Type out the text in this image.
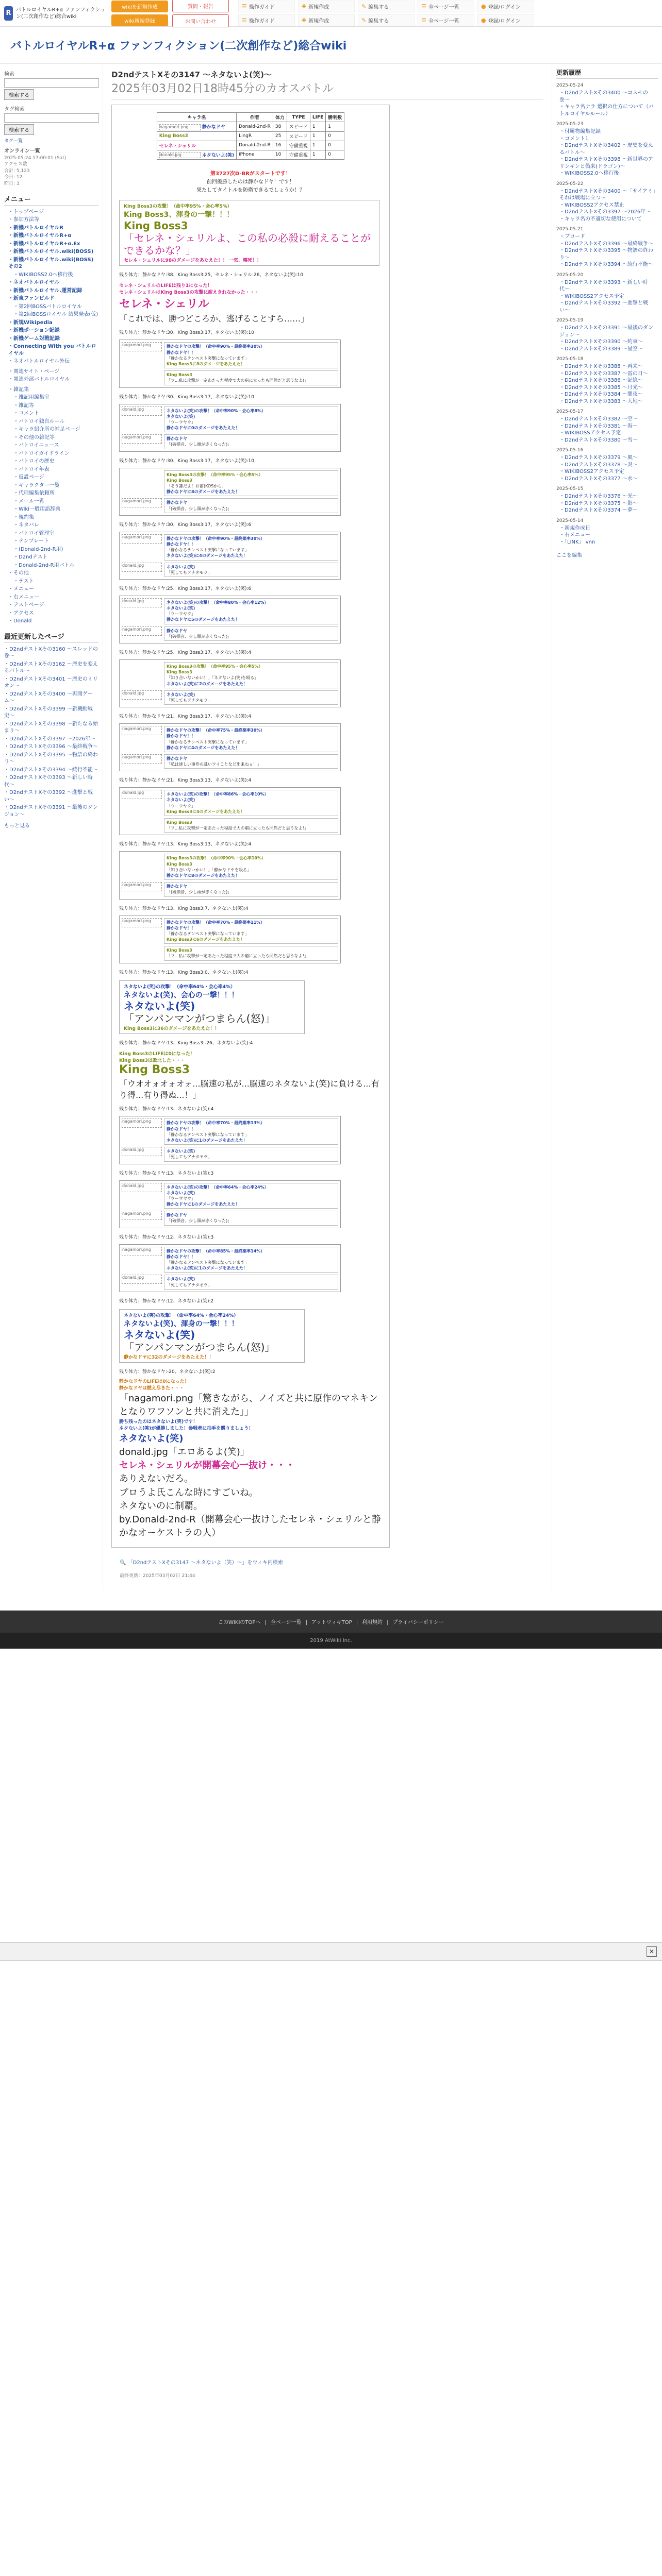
R バトルロイヤルR+α ファンフィクション(二次創作など)総合wiki
wikiを新規作成
wiki新規登録
質問・報告
お問い合わせ
☰ 操作ガイド	✚ 新規作成	✎ 編集する	☰ 全ページ一覧	● 登録/ログイン
☰ 操作ガイド	✚ 新規作成	✎ 編集する	☰ 全ページ一覧	● 登録/ログイン
バトルロイヤルR+α ファンフィクション(二次創作など)総合wiki
検索
検索する
タグ検索
検索する
タグ一覧
オンライン一覧
2025-05-24 17:00:01 (Sat)
アクセス数
合計: 5,123
今日: 12
昨日: 3
メニュー
・トップページ
・参加方法等
・新機バトルロイヤルR
・新機バトルロイヤルR+α
・新機バトルロイヤルR+α.Ex
・新機バトルロイヤル.wiki(BOSS)
・新機バトルロイヤル.wiki(BOSS)その2
・WIKIBOSS2.0へ移行後
・ネオバトルロイヤル
・新機バトルロイヤル.運営記録
・新東ファンビルド
・第2回BOSSバトルロイヤル
・第2回BOSSロイヤル 結果発表(仮)
・新規Wikipedia
・新機ポーション記録
・新機ゲーム対戦記録
・Connecting With you バトルロイヤル
・ネオバトルロイヤル外伝
・関連サイト・ページ
・関連外部バトルロイヤル
・雑記集
・雑記用編集室
・雑記等
・コメント
・バトロイ独自ルール
・キャラ紹介所の補足ページ
・その他の雑記等
・バトロイニュース
・バトロイガイドライン
・バトロイの歴史
・バトロイ年表
・仮設ページ
・キャラクター一覧
・代理編集依頼所
・メール一覧
・Wiki一般用語辞典
・規約集
・ネタバレ
・バトロイ管理室
・テンプレート
・(Donald-2nd-R用)
・D2ndテスト
・Donald-2nd-R用バトル
・その他
・テスト
・メニュー
・右メニュー
・テストページ
・アクセス
・Donald
最近更新したページ
・D2ndテストXその3160 〜スレッドの巻〜
・D2ndテストXその3162 〜歴史を変えるバトル〜
・D2ndテストXその3401 〜歴史のミリオン〜
・D2ndテストXその3400 〜再開ゲーム〜
・D2ndテストXその3399 〜新機動戦史〜
・D2ndテストXその3398 〜新たなる始まり〜
・D2ndテストXその3397 〜2026年〜
・D2ndテストXその3396 〜最終戦争〜
・D2ndテストXその3395 〜物語の終わり〜
・D2ndテストXその3394 〜続行不能〜
・D2ndテストXその3393 〜新しい時代〜
・D2ndテストXその3392 〜進撃と戦い〜
・D2ndテストXその3391 〜最後のダンジョン〜
もっと見る
D2ndテストXその3147 〜ネタないよ(笑)〜
2025年03月02日18時45分のカオスバトル
キャラ名	作者	体力	TYPE	LIFE	勝利数
nagamori.png 静かなドヤ	Donald-2nd-R	38	スピード	1	1
King Boss3	LingR	25	スピード	1	0
セレネ・シェリル	Donald-2nd-R	16	守備重視	1	0
donald.jpg ネタないよ(笑)	iPhone	10	守備重視	1	0
第3727次D-BRがスタートです！
前回優勝したのは静かなドヤ！です！
果たしてタイトルを防衛できるでしょうか！？
King Boss3の攻撃！（命中率95%・会心率5%）
King Boss3、渾身の一撃！！！
King Boss3
「セレネ・シェリルよ、この私の必殺に耐えることができるかな？」
セレネ・シェリルに98のダメージをあたえた！！ 一気、壊死！！
残り体力：静かなドヤ:38、King Boss3:25、セレネ・シェリル:26、ネタないよ(笑):10
セレネ・シェリルのLIFEは残り1になった！
セレネ・シェリルはKing Boss3の攻撃に耐えきれなかった・・・
セレネ・シェリル
「これでは、勝つどころか、逃げることすら……」
残り体力：静かなドヤ:30、King Boss3:17、ネタないよ(笑):10
nagamori.png	静かなドヤの攻撃！（命中率90%・最終薬率30%）
静かなドヤ！！
「静かなるテンペスト突撃になっています」
King Boss3に8のダメージをあたえた！
King Boss3
「フ...私に攻撃が一定あたった程度で大の窮に立ったも同然だと思うなよ!」
残り体力：静かなドヤ:30、King Boss3:17、ネタないよ(笑):10
donald.jpg	ネタないよ(笑)の攻撃！（命中率90%・会心率8%）
ネタないよ(笑)
「ウーウヤウ」
静かなドヤに0のダメージをあたえた！
nagamori.png	静かなドヤ
「(破損音、少し頭が赤くなった)」
残り体力：静かなドヤ:30、King Boss3:17、ネタないよ(笑):10
King Boss3の攻撃！（命中率95%・会心率5%）
King Boss3
「そう誰だよ！お前(KOSから」
静かなドヤに8のダメージをあたえた！
nagamori.png	静かなドヤ
「(破損音、少し頭が赤くなった)」
残り体力：静かなドヤ:30、King Boss3:17、ネタないよ(笑):6
nagamori.png	静かなドヤの攻撃！（命中率90%・最終薬率30%）
静かなドヤ！！
「静かなるテンペスト突撃になっています」
ネタないよ(笑)に4のダメージをあたえた！
donald.jpg	ネタないよ(笑)
「死してもアナタモラ」
残り体力：静かなドヤ:25、King Boss3:17、ネタないよ(笑):6
donald.jpg	ネタないよ(笑)の攻撃！（命中率80%・会心率12%）
ネタないよ(笑)
「ウーウヤウ」
静かなドヤに5のダメージをあたえた！
nagamori.png	静かなドヤ
「(破損音、少し頭が赤くなった)」
残り体力：静かなドヤ:25、King Boss3:17、ネタないよ(笑):4
King Boss3の攻撃！（命中率95%・会心率5%）
King Boss3
「知り合いないかい！」「ネタないよ(笑)を殴る」
ネタないよ(笑)に2のダメージをあたえた！
donald.jpg	ネタないよ(笑)
「死してもアナタモラ」
残り体力：静かなドヤ:21、King Boss3:17、ネタないよ(笑):4
nagamori.png	静かなドヤの攻撃！（命中率75%・最終薬率30%）
静かなドヤ！！
「静かなるテンペスト突撃になっています」
静かなドヤに4のダメージをあたえた！
nagamori.png	静かなドヤ
「私は達しい事件の乱いワイことなど出来ねぇ！」
残り体力：静かなドヤ:21、King Boss3:13、ネタないよ(笑):4
donald.jpg	ネタないよ(笑)の攻撃！（命中率86%・会心率10%）
ネタないよ(笑)
「ウーウヤウ」
King Boss3に4のダメージをあたえた！
King Boss3
「フ...私に攻撃が一定あたった程度で大の窮に立ったも同然だと思うなよ!」
残り体力：静かなドヤ:13、King Boss3:13、ネタないよ(笑):4
King Boss3の攻撃！（命中率90%・会心率10%）
King Boss3
「知り合いないかい！」「静かなドヤを殴る」
静かなドヤに8のダメージをあたえた！
nagamori.png	静かなドヤ
「(破損音、少し頭が赤くなった)」
残り体力：静かなドヤ:13、King Boss3:7、ネタないよ(笑):4
nagamori.png	静かなドヤの攻撃！（命中率70%・最終薬率11%）
静かなドヤ！！
「静かなるテンペスト突撃になっています」
King Boss3に6のダメージをあたえた！
King Boss3
「フ...私に攻撃が一定あたった程度で大の窮に立ったも同然だと思うなよ!」
残り体力：静かなドヤ:13、King Boss3:0、ネタないよ(笑):4
ネタないよ(笑)の攻撃！（命中率64%・会心率4%）
ネタないよ(笑)、会心の一撃！！！
ネタないよ(笑)
「アンパンマンがつまらん(怒)」
King Boss3に36のダメージをあたえた！！
残り体力：静かなドヤ:13、King Boss3:-26、ネタないよ(笑):4
King Boss3のLIFEは0になった！
King Boss3は敗北した・・・
King Boss3
「ウオオォオォオォ...脳速の私が...脳速のネタないよ(笑)に負ける...有り得...有り得ぬ...！」
残り体力：静かなドヤ:13、ネタないよ(笑):4
nagamori.png	静かなドヤの攻撃！（命中率70%・最終薬率13%）
静かなドヤ！！
「静かなるテンペスト突撃になっています」
ネタないよ(笑)に1のダメージをあたえた！
donald.jpg	ネタないよ(笑)
「死してもアナタモラ」
残り体力：静かなドヤ:13、ネタないよ(笑):3
donald.jpg	ネタないよ(笑)の攻撃！（命中率64%・会心率24%）
ネタないよ(笑)
「ウーウヤウ」
静かなドヤに1のダメージをあたえた！
nagamori.png	静かなドヤ
「(破損音、少し頭が赤くなった)」
残り体力：静かなドヤ:12、ネタないよ(笑):3
nagamori.png	静かなドヤの攻撃！（命中率85%・最終薬率14%）
静かなドヤ！！
「静かなるテンペスト突撃になっています」
ネタないよ(笑)に1のダメージをあたえた！
donald.jpg	ネタないよ(笑)
「死してもアナタモラ」
残り体力：静かなドヤ:12、ネタないよ(笑):2
ネタないよ(笑)の攻撃！（命中率64%・会心率24%）
ネタないよ(笑)、渾身の一撃！！！
ネタないよ(笑)
「アンパンマンがつまらん(怒)」
静かなドヤに32のダメージをあたえた！！
残り体力：静かなドヤ:-20、ネタないよ(笑):2
静かなドヤのLIFEは0になった！
静かなドヤは燃え尽きた・・・
「nagamori.png「驚きながら、ノイズと共に原作のマネキンとなりワフソンと共に消えた」」
勝ち残ったのはネタないよ(笑)です！
ネタないよ(笑)が優勝しました！参戦者に拍手を贈りましょう！
ネタないよ(笑)
donald.jpg「エロあるよ(笑)」
セレネ・シェリルが開幕会心一抜け・・・
ありえないだろ。
プロうよ氏こんな時にすごいね。
ネタないのに制覇。
by.Donald-2nd-R（開幕会心一抜けしたセレネ・シェリルと静かなオーケストラの人）
🔍 「D2ndテストXその3147 〜ネタないよ（笑）〜」をウィキ内検索
最終更新：2025年03月02日 21:44
更新履歴
2025-05-24
・D2ndテストXその3400 〜コスモの巻〜
・キャラ名ナラ 選択の仕方について（バトルロイヤルルール）
2025-05-23
・付属物編集記録
・コメント1
・D2ndテストXその3402 〜歴史を変えるバトル〜
・D2ndテストXその3398 〜新世界のアリンキンと偽来(ドラゴン)〜
・WIKIBOSS2.0へ移行後
2025-05-22
・D2ndテストXその3400 〜「サイアミ」それは戦場に立つ〜
・WIKIBOSS2アクセス禁止
・D2ndテストXその3397 〜2026年〜
・キャラ名の不適切な使用について
2025-05-21
・ブロード
・D2ndテストXその3396 〜最終戦争〜
・D2ndテストXその3395 〜物語の終わり〜
・D2ndテストXその3394 〜続行不能〜
2025-05-20
・D2ndテストXその3393 〜新しい時代〜
・WIKIBOSS2アクセス予定
・D2ndテストXその3392 〜進撃と戦い〜
2025-05-19
・D2ndテストXその3391 〜最後のダンジョン〜
・D2ndテストXその3390 〜約束〜
・D2ndテストXその3389 〜星空〜
2025-05-18
・D2ndテストXその3388 〜再来〜
・D2ndテストXその3387 〜雷の日〜
・D2ndテストXその3386 〜記憶〜
・D2ndテストXその3385 〜月光〜
・D2ndテストXその3384 〜闇夜〜
・D2ndテストXその3383 〜大地〜
2025-05-17
・D2ndテストXその3382 〜空〜
・D2ndテストXその3381 〜海〜
・WIKIBOSSアクセス予定
・D2ndテストXその3380 〜雪〜
2025-05-16
・D2ndテストXその3379 〜風〜
・D2ndテストXその3378 〜炎〜
・WIKIBOSS2アクセス予定
・D2ndテストXその3377 〜水〜
2025-05-15
・D2ndテストXその3376 〜光〜
・D2ndテストXその3375 〜影〜
・D2ndテストXその3374 〜夢〜
2025-05-14
・新規作成日
・右メニュー
・「LINK」 vnn
ここを編集
このWIKIのTOPへ | 全ページ一覧 | アットウィキTOP | 利用規約 | プライバシーポリシー
2019 AtWiki Inc.
✕
